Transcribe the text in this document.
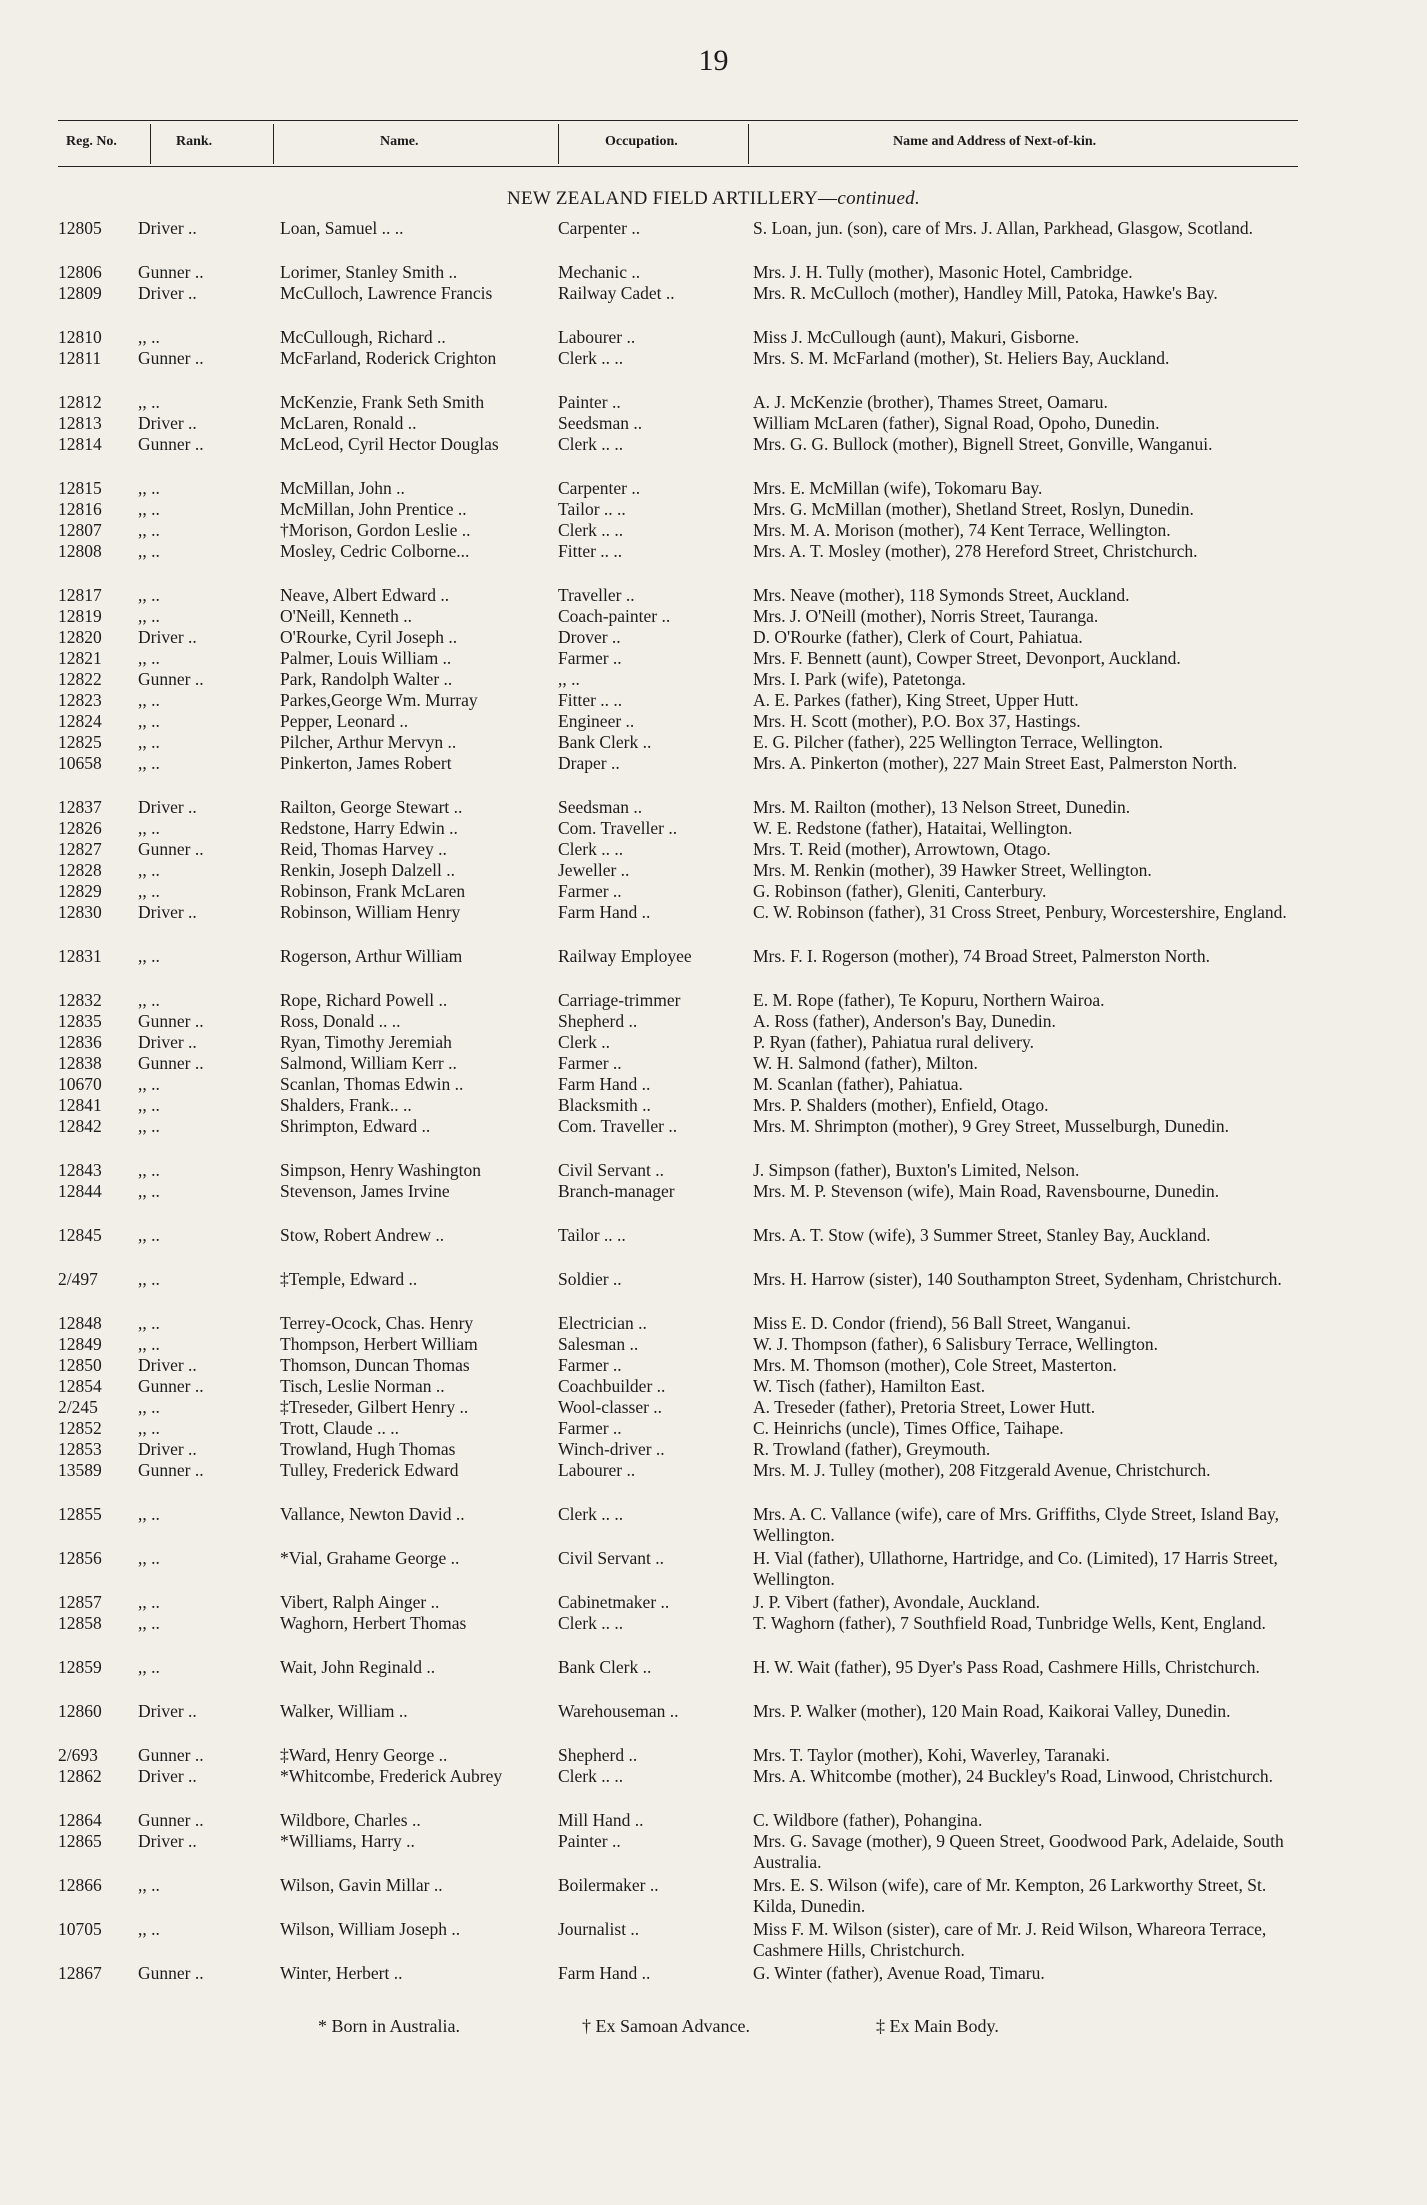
19
Reg. No.	Rank.	Name.	Occupation.	Name and Address of Next-of-kin.
NEW ZEALAND FIELD ARTILLERY—continued.
12805	Driver ..	Loan, Samuel .. ..	Carpenter ..	S. Loan, jun. (son), care of Mrs. J. Allan, Parkhead, Glasgow, Scotland.
12806	Gunner ..	Lorimer, Stanley Smith ..	Mechanic ..	Mrs. J. H. Tully (mother), Masonic Hotel, Cambridge.
12809	Driver ..	McCulloch, Lawrence Francis	Railway Cadet ..	Mrs. R. McCulloch (mother), Handley Mill, Patoka, Hawke's Bay.
12810	,, ..	McCullough, Richard ..	Labourer ..	Miss J. McCullough (aunt), Makuri, Gisborne.
12811	Gunner ..	McFarland, Roderick Crighton	Clerk .. ..	Mrs. S. M. McFarland (mother), St. Heliers Bay, Auckland.
12812	,, ..	McKenzie, Frank Seth Smith	Painter ..	A. J. McKenzie (brother), Thames Street, Oamaru.
12813	Driver ..	McLaren, Ronald ..	Seedsman ..	William McLaren (father), Signal Road, Opoho, Dunedin.
12814	Gunner ..	McLeod, Cyril Hector Douglas	Clerk .. ..	Mrs. G. G. Bullock (mother), Bignell Street, Gonville, Wanganui.
12815	,, ..	McMillan, John ..	Carpenter ..	Mrs. E. McMillan (wife), Tokomaru Bay.
12816	,, ..	McMillan, John Prentice ..	Tailor .. ..	Mrs. G. McMillan (mother), Shetland Street, Roslyn, Dunedin.
12807	,, ..	†Morison, Gordon Leslie ..	Clerk .. ..	Mrs. M. A. Morison (mother), 74 Kent Terrace, Wellington.
12808	,, ..	Mosley, Cedric Colborne...	Fitter .. ..	Mrs. A. T. Mosley (mother), 278 Hereford Street, Christchurch.
12817	,, ..	Neave, Albert Edward ..	Traveller ..	Mrs. Neave (mother), 118 Symonds Street, Auckland.
12819	,, ..	O'Neill, Kenneth ..	Coach-painter ..	Mrs. J. O'Neill (mother), Norris Street, Tauranga.
12820	Driver ..	O'Rourke, Cyril Joseph ..	Drover ..	D. O'Rourke (father), Clerk of Court, Pahiatua.
12821	,, ..	Palmer, Louis William ..	Farmer ..	Mrs. F. Bennett (aunt), Cowper Street, Devonport, Auckland.
12822	Gunner ..	Park, Randolph Walter ..	,, ..	Mrs. I. Park (wife), Patetonga.
12823	,, ..	Parkes,George Wm. Murray	Fitter .. ..	A. E. Parkes (father), King Street, Upper Hutt.
12824	,, ..	Pepper, Leonard ..	Engineer ..	Mrs. H. Scott (mother), P.O. Box 37, Hastings.
12825	,, ..	Pilcher, Arthur Mervyn ..	Bank Clerk ..	E. G. Pilcher (father), 225 Wellington Terrace, Wellington.
10658	,, ..	Pinkerton, James Robert	Draper ..	Mrs. A. Pinkerton (mother), 227 Main Street East, Palmerston North.
12837	Driver ..	Railton, George Stewart ..	Seedsman ..	Mrs. M. Railton (mother), 13 Nelson Street, Dunedin.
12826	,, ..	Redstone, Harry Edwin ..	Com. Traveller ..	W. E. Redstone (father), Hataitai, Wellington.
12827	Gunner ..	Reid, Thomas Harvey ..	Clerk .. ..	Mrs. T. Reid (mother), Arrowtown, Otago.
12828	,, ..	Renkin, Joseph Dalzell ..	Jeweller ..	Mrs. M. Renkin (mother), 39 Hawker Street, Wellington.
12829	,, ..	Robinson, Frank McLaren	Farmer ..	G. Robinson (father), Gleniti, Canterbury.
12830	Driver ..	Robinson, William Henry	Farm Hand ..	C. W. Robinson (father), 31 Cross Street, Penbury, Worcestershire, England.
12831	,, ..	Rogerson, Arthur William	Railway Employee	Mrs. F. I. Rogerson (mother), 74 Broad Street, Palmerston North.
12832	,, ..	Rope, Richard Powell ..	Carriage-trimmer	E. M. Rope (father), Te Kopuru, Northern Wairoa.
12835	Gunner ..	Ross, Donald .. ..	Shepherd ..	A. Ross (father), Anderson's Bay, Dunedin.
12836	Driver ..	Ryan, Timothy Jeremiah	Clerk ..	P. Ryan (father), Pahiatua rural delivery.
12838	Gunner ..	Salmond, William Kerr ..	Farmer ..	W. H. Salmond (father), Milton.
10670	,, ..	Scanlan, Thomas Edwin ..	Farm Hand ..	M. Scanlan (father), Pahiatua.
12841	,, ..	Shalders, Frank.. ..	Blacksmith ..	Mrs. P. Shalders (mother), Enfield, Otago.
12842	,, ..	Shrimpton, Edward ..	Com. Traveller ..	Mrs. M. Shrimpton (mother), 9 Grey Street, Musselburgh, Dunedin.
12843	,, ..	Simpson, Henry Washington	Civil Servant ..	J. Simpson (father), Buxton's Limited, Nelson.
12844	,, ..	Stevenson, James Irvine	Branch-manager	Mrs. M. P. Stevenson (wife), Main Road, Ravensbourne, Dunedin.
12845	,, ..	Stow, Robert Andrew ..	Tailor .. ..	Mrs. A. T. Stow (wife), 3 Summer Street, Stanley Bay, Auckland.
2/497	,, ..	‡Temple, Edward ..	Soldier ..	Mrs. H. Harrow (sister), 140 Southampton Street, Sydenham, Christchurch.
12848	,, ..	Terrey-Ocock, Chas. Henry	Electrician ..	Miss E. D. Condor (friend), 56 Ball Street, Wanganui.
12849	,, ..	Thompson, Herbert William	Salesman ..	W. J. Thompson (father), 6 Salisbury Terrace, Wellington.
12850	Driver ..	Thomson, Duncan Thomas	Farmer ..	Mrs. M. Thomson (mother), Cole Street, Masterton.
12854	Gunner ..	Tisch, Leslie Norman ..	Coachbuilder ..	W. Tisch (father), Hamilton East.
2/245	,, ..	‡Treseder, Gilbert Henry ..	Wool-classer ..	A. Treseder (father), Pretoria Street, Lower Hutt.
12852	,, ..	Trott, Claude .. ..	Farmer ..	C. Heinrichs (uncle), Times Office, Taihape.
12853	Driver ..	Trowland, Hugh Thomas	Winch-driver ..	R. Trowland (father), Greymouth.
13589	Gunner ..	Tulley, Frederick Edward	Labourer ..	Mrs. M. J. Tulley (mother), 208 Fitzgerald Avenue, Christchurch.
12855	,, ..	Vallance, Newton David ..	Clerk .. ..	Mrs. A. C. Vallance (wife), care of Mrs. Griffiths, Clyde Street, Island Bay, Wellington.
12856	,, ..	*Vial, Grahame George ..	Civil Servant ..	H. Vial (father), Ullathorne, Hartridge, and Co. (Limited), 17 Harris Street, Wellington.
12857	,, ..	Vibert, Ralph Ainger ..	Cabinetmaker ..	J. P. Vibert (father), Avondale, Auckland.
12858	,, ..	Waghorn, Herbert Thomas	Clerk .. ..	T. Waghorn (father), 7 Southfield Road, Tunbridge Wells, Kent, England.
12859	,, ..	Wait, John Reginald ..	Bank Clerk ..	H. W. Wait (father), 95 Dyer's Pass Road, Cashmere Hills, Christchurch.
12860	Driver ..	Walker, William ..	Warehouseman ..	Mrs. P. Walker (mother), 120 Main Road, Kaikorai Valley, Dunedin.
2/693	Gunner ..	‡Ward, Henry George ..	Shepherd ..	Mrs. T. Taylor (mother), Kohi, Waverley, Taranaki.
12862	Driver ..	*Whitcombe, Frederick Aubrey	Clerk .. ..	Mrs. A. Whitcombe (mother), 24 Buckley's Road, Linwood, Christchurch.
12864	Gunner ..	Wildbore, Charles ..	Mill Hand ..	C. Wildbore (father), Pohangina.
12865	Driver ..	*Williams, Harry ..	Painter ..	Mrs. G. Savage (mother), 9 Queen Street, Goodwood Park, Adelaide, South Australia.
12866	,, ..	Wilson, Gavin Millar ..	Boilermaker ..	Mrs. E. S. Wilson (wife), care of Mr. Kempton, 26 Larkworthy Street, St. Kilda, Dunedin.
10705	,, ..	Wilson, William Joseph ..	Journalist ..	Miss F. M. Wilson (sister), care of Mr. J. Reid Wilson, Whareora Terrace, Cashmere Hills, Christchurch.
12867	Gunner ..	Winter, Herbert ..	Farm Hand ..	G. Winter (father), Avenue Road, Timaru.
* Born in Australia.	† Ex Samoan Advance.	‡ Ex Main Body.
